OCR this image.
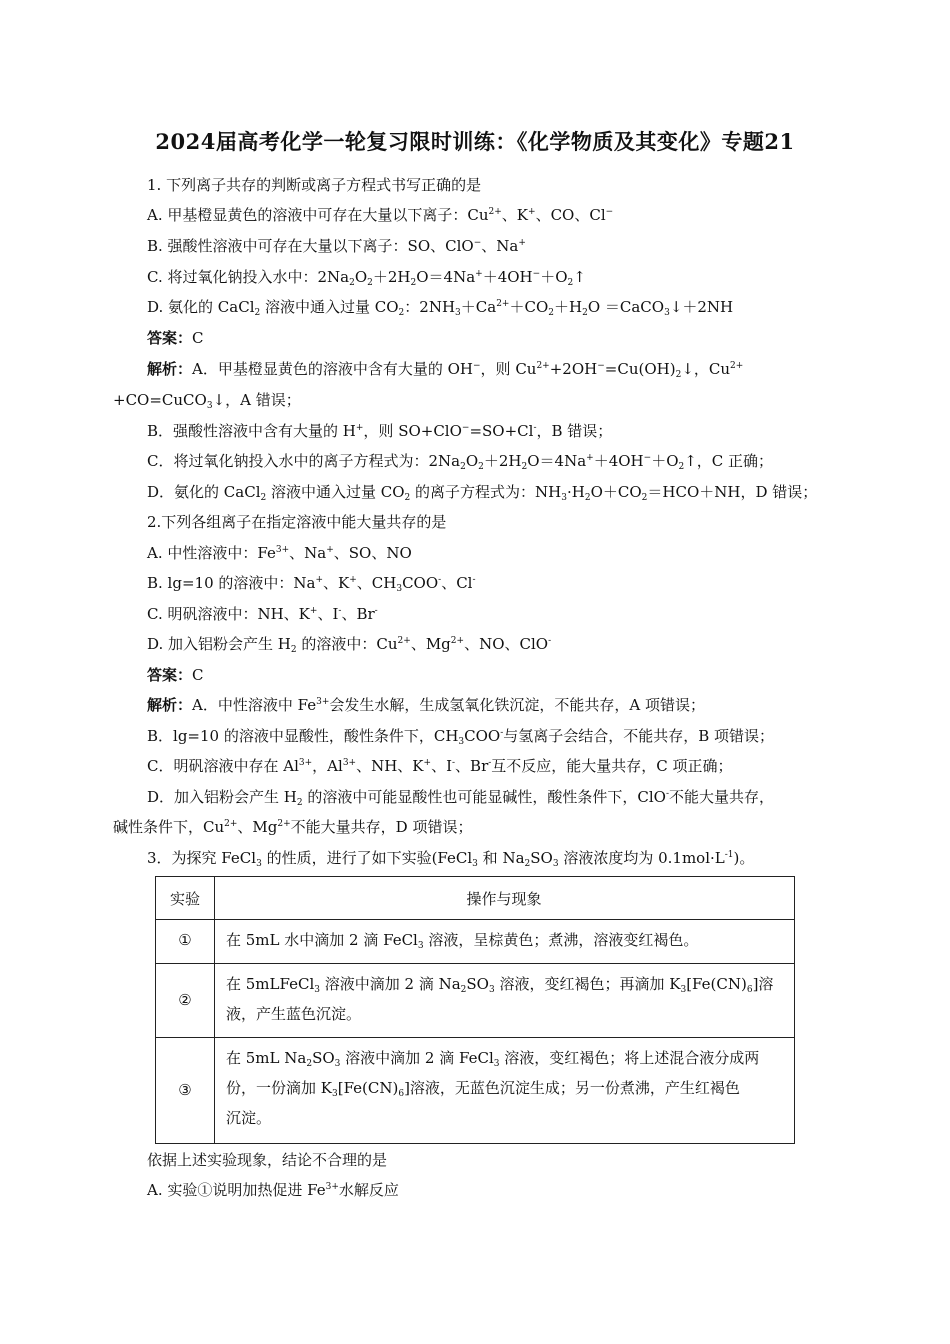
2024届高考化学一轮复习限时训练：《化学物质及其变化》专题21
1. 下列离子共存的判断或离子方程式书写正确的是
A. 甲基橙显黄色的溶液中可存在大量以下离子：$Cu^{2+}$、K+、CO、Cl−
B. 强酸性溶液中可存在大量以下离子：SO、ClO−、Na+
C. 将过氧化钠投入水中：$2Na_2O_2+2H_2O=4Na^++4OH^-+O_2↑$
D. 氨化的 CaCl$_2$ 溶液中通入过量 $CO_2$：$2NH_3+Ca^{2+}+CO_2+H_2O$ ＝CaCO$_3$↓＋2NH
答案：C
解析：A．甲基橙显黄色的溶液中含有大量的 OH−，则 $Cu^{2+}+2OH^-=Cu(OH)_2↓$，$Cu^{2+}$
+CO=CuCO$_3$↓，A 错误；
B．强酸性溶液中含有大量的 H+，则 SO+ClO−=SO+Cl-，B 错误；
C．将过氧化钠投入水中的离子方程式为：$2Na_2O_2+2H_2O=4Na^++4OH^-+O_2↑$，C 正确；
D．氨化的 CaCl$_2$ 溶液中通入过量 $CO_2$ 的离子方程式为：$NH_3\cdot H_2O+CO_2=HCO+NH$，D 错误；
2.下列各组离子在指定溶液中能大量共存的是
A. 中性溶液中：$Fe^{3+}$、Na+、SO、NO
B. lg=10 的溶液中：Na+、K+、$CH_3COO^-$、Cl-
C. 明矾溶液中：NH、K+、I-、Br-
D. 加入铝粉会产生 $H_2$ 的溶液中：$Cu^{2+}$、$Mg^{2+}$、NO、ClO-
答案：C
解析：A．中性溶液中 $Fe^{3+}$会发生水解，生成氢氧化铁沉淀，不能共存，A 项错误；
B．lg=10 的溶液中显酸性，酸性条件下，$CH_3COO^-$与氢离子会结合，不能共存，B 项错误；
C．明矾溶液中存在 $Al^{3+}$，$Al^{3+}$、NH、K+、I-、Br-互不反应，能大量共存，C 项正确；
D．加入铝粉会产生 $H_2$ 的溶液中可能显酸性也可能显碱性，酸性条件下，ClO-不能大量共存，
碱性条件下，$Cu^{2+}$、$Mg^{2+}$不能大量共存，D 项错误；
3．为探究 FeCl$_3$ 的性质，进行了如下实验(FeCl$_3$ 和 $Na_2SO_3$ 溶液浓度均为 $0.1mol\cdot L^{-1}$)。
实验	操作与现象
①	在 5mL 水中滴加 2 滴 FeCl$_3$ 溶液，呈棕黄色；煮沸，溶液变红褐色。
②
在 5mLFeCl$_3$ 溶液中滴加 2 滴 $Na_2SO_3$ 溶液，变红褐色；再滴加 $K_3[Fe(CN)_6]$溶
液，产生蓝色沉淀。
③
在 5mL $Na_2SO_3$ 溶液中滴加 2 滴 FeCl$_3$ 溶液，变红褐色；将上述混合液分成两
份，一份滴加 $K_3[Fe(CN)_6]$溶液，无蓝色沉淀生成；另一份煮沸，产生红褐色
沉淀。
依据上述实验现象，结论不合理的是
A. 实验①说明加热促进 $Fe^{3+}$水解反应
